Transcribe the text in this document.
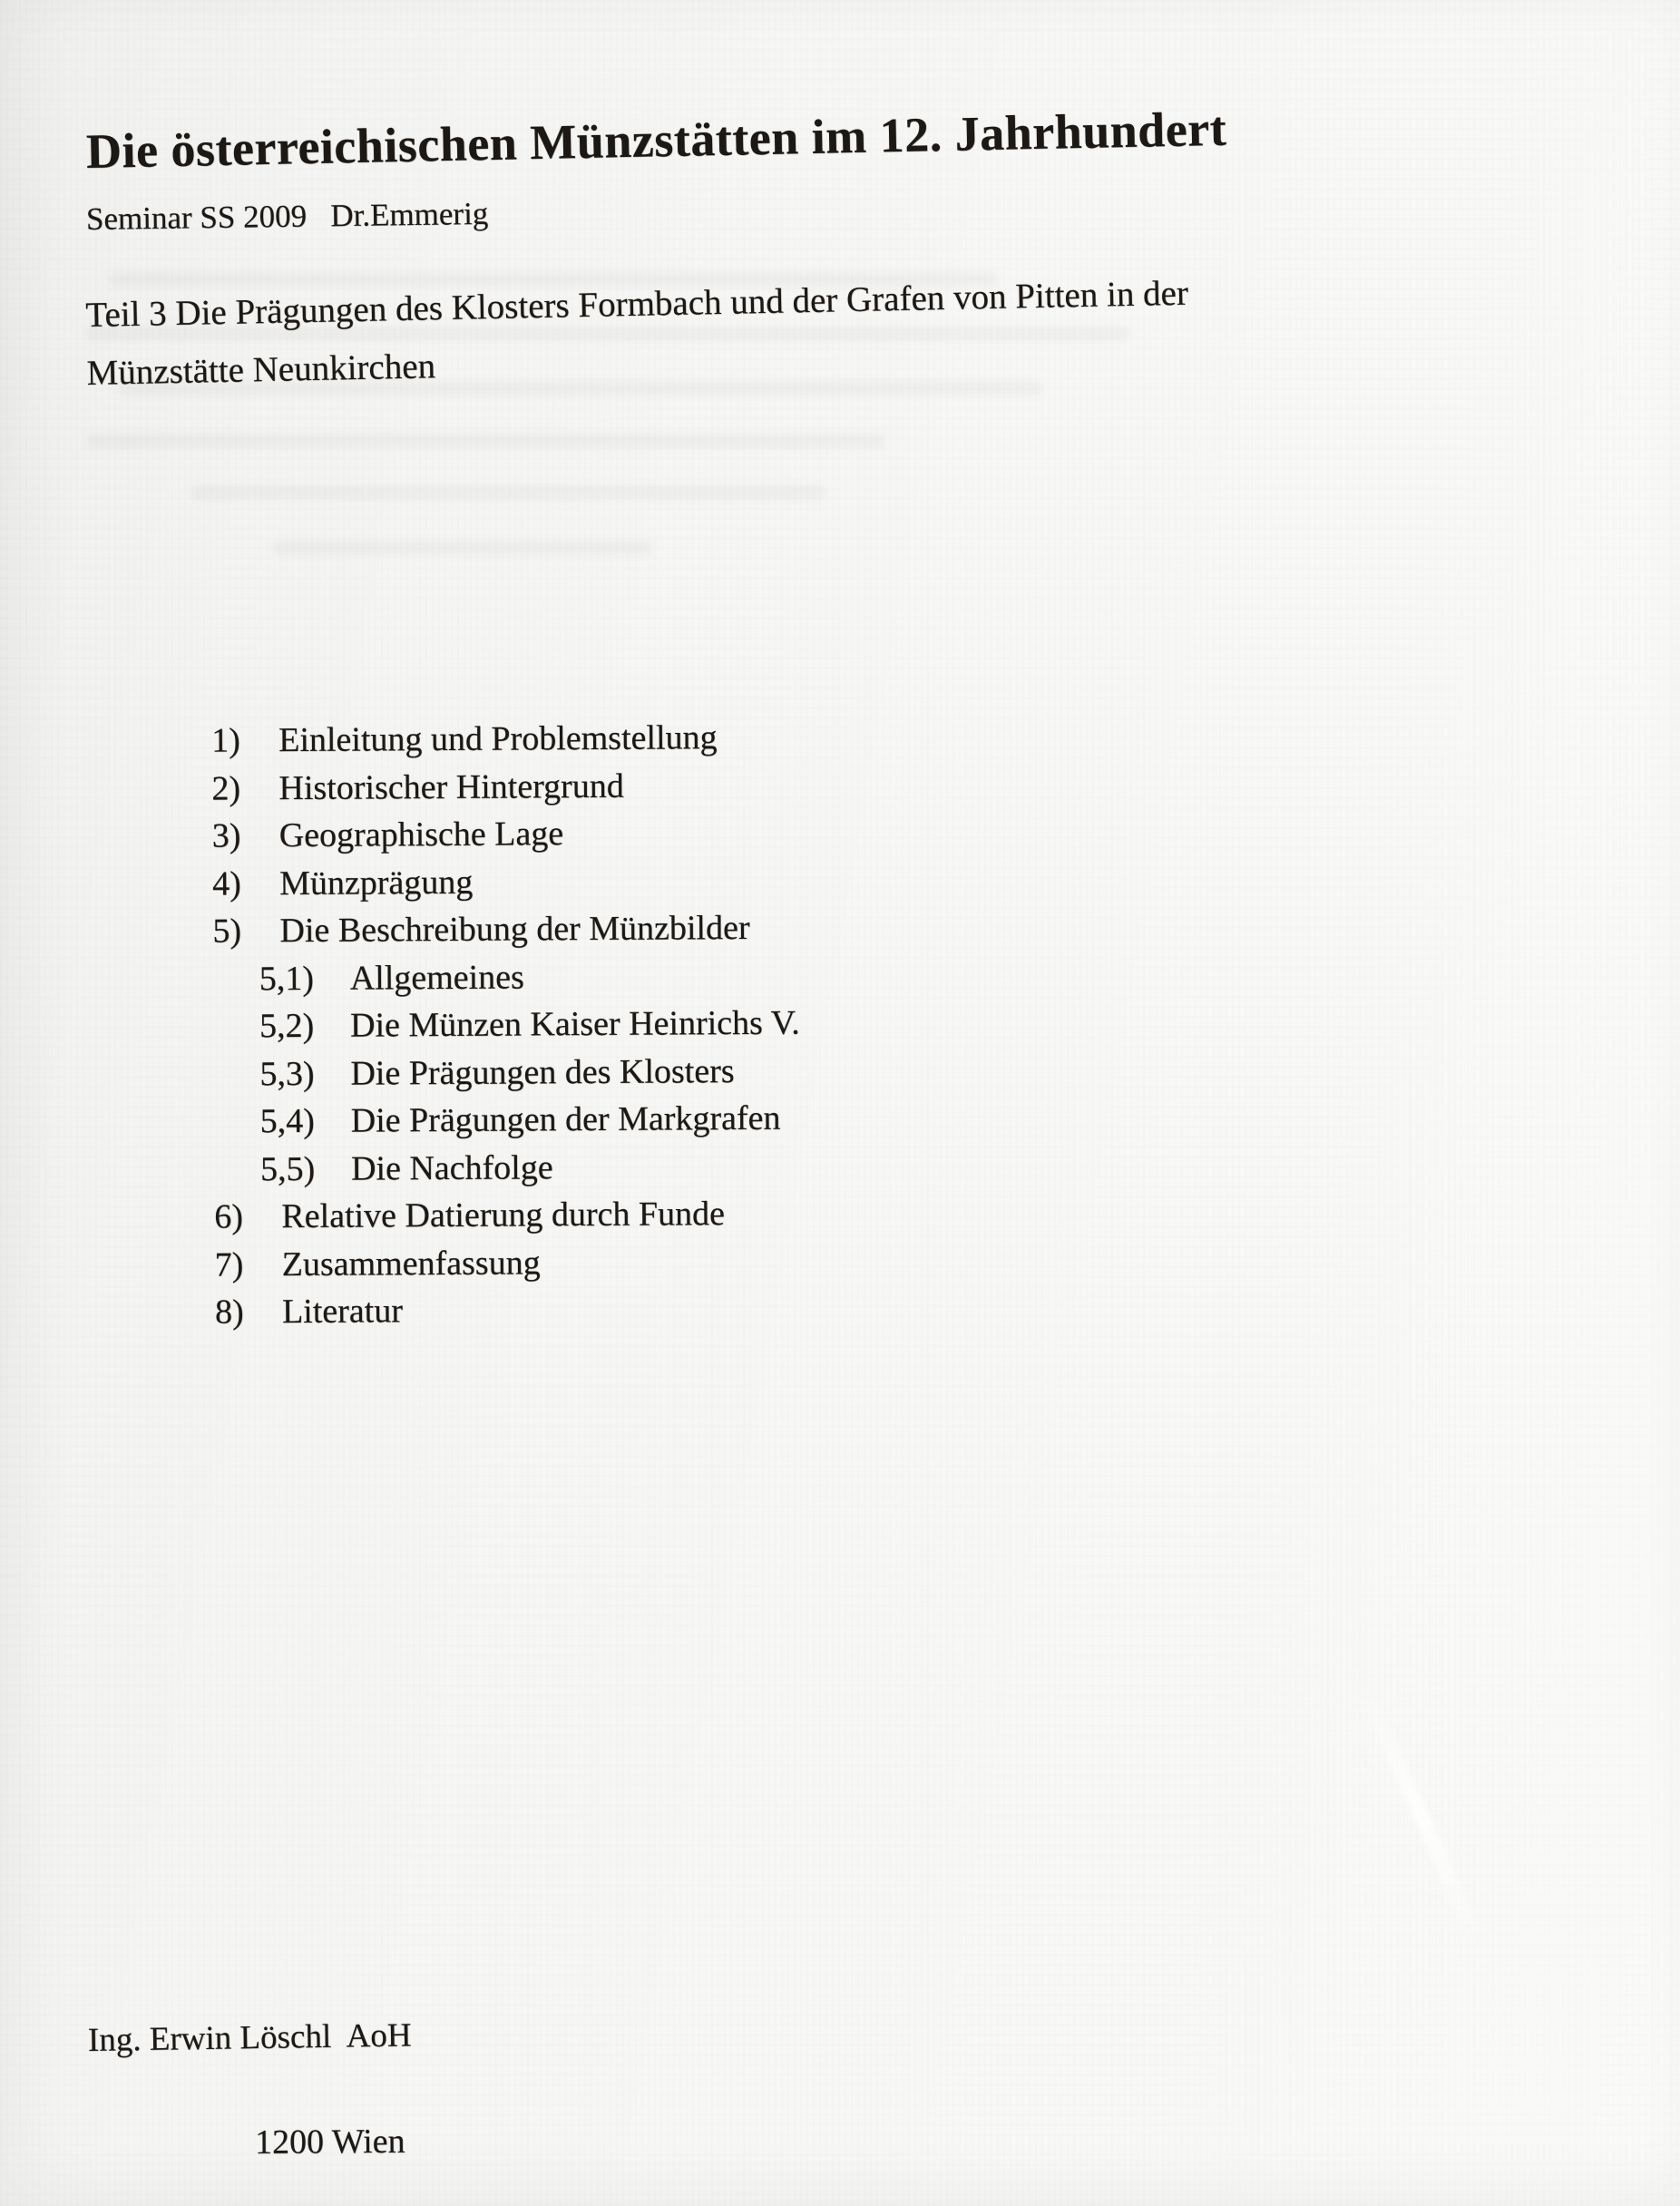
Die österreichischen Münzstätten im 12. Jahrhundert
Seminar SS 2009   Dr.Emmerig
Teil 3 Die Prägungen des Klosters Formbach und der Grafen von Pitten in der
Münzstätte Neunkirchen
1) Einleitung und Problemstellung
2) Historischer Hintergrund
3) Geographische Lage
4) Münzprägung
5) Die Beschreibung der Münzbilder
5,1) Allgemeines
5,2) Die Münzen Kaiser Heinrichs V.
5,3) Die Prägungen des Klosters
5,4) Die Prägungen der Markgrafen
5,5) Die Nachfolge
6) Relative Datierung durch Funde
7) Zusammenfassung
8) Literatur
Ing. Erwin Löschl  AoH
1200 Wien
